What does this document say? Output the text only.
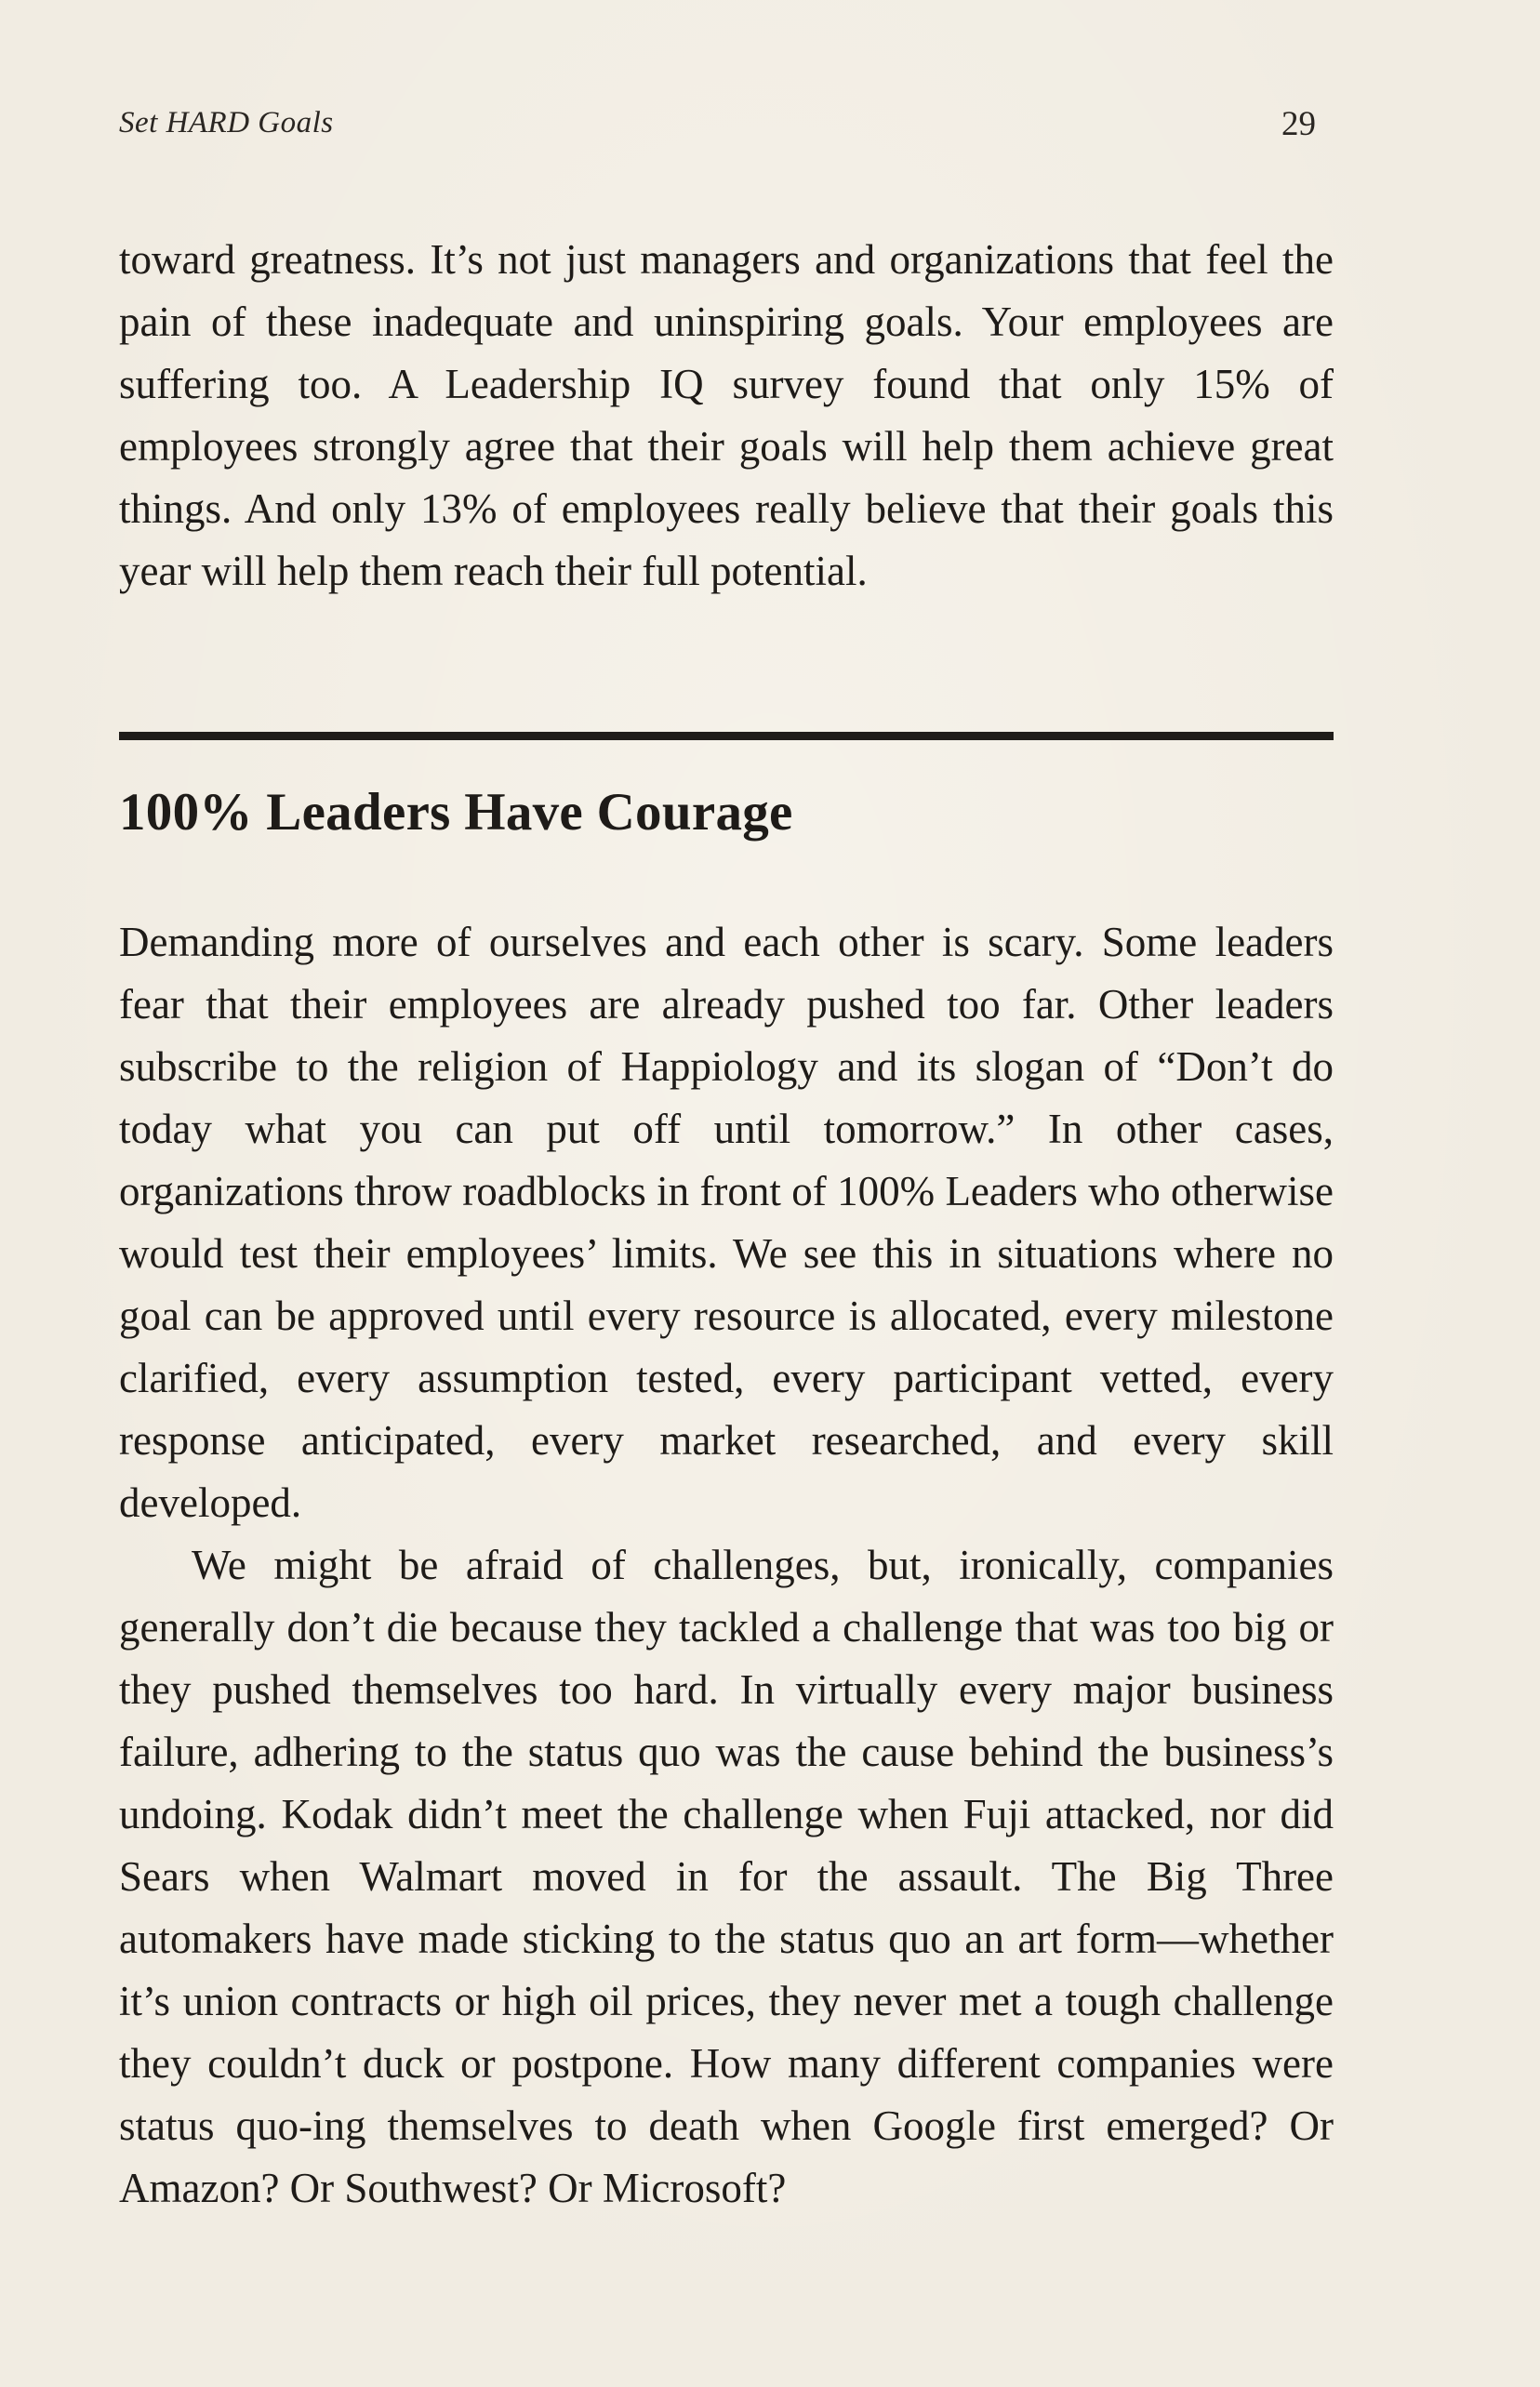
Set HARD Goals	29

toward greatness. It’s not just managers and organizations that feel the pain of these inadequate and uninspiring goals. Your employees are suffering too. A Leadership IQ survey found that only 15% of employees strongly agree that their goals will help them achieve great things. And only 13% of employees really believe that their goals this year will help them reach their full potential.

100% Leaders Have Courage

Demanding more of ourselves and each other is scary. Some leaders fear that their employees are already pushed too far. Other leaders subscribe to the religion of Happiology and its slogan of “Don’t do today what you can put off until tomorrow.” In other cases, organizations throw roadblocks in front of 100% Leaders who otherwise would test their employees’ limits. We see this in situations where no goal can be approved until every resource is allocated, every milestone clarified, every assumption tested, every participant vetted, every response anticipated, every market researched, and every skill developed.

We might be afraid of challenges, but, ironically, companies generally don’t die because they tackled a challenge that was too big or they pushed themselves too hard. In virtually every major business failure, adhering to the status quo was the cause behind the business’s undoing. Kodak didn’t meet the challenge when Fuji attacked, nor did Sears when Walmart moved in for the assault. The Big Three automakers have made sticking to the status quo an art form—whether it’s union contracts or high oil prices, they never met a tough challenge they couldn’t duck or postpone. How many different companies were status quo-ing themselves to death when Google first emerged? Or Amazon? Or Southwest? Or Microsoft?
